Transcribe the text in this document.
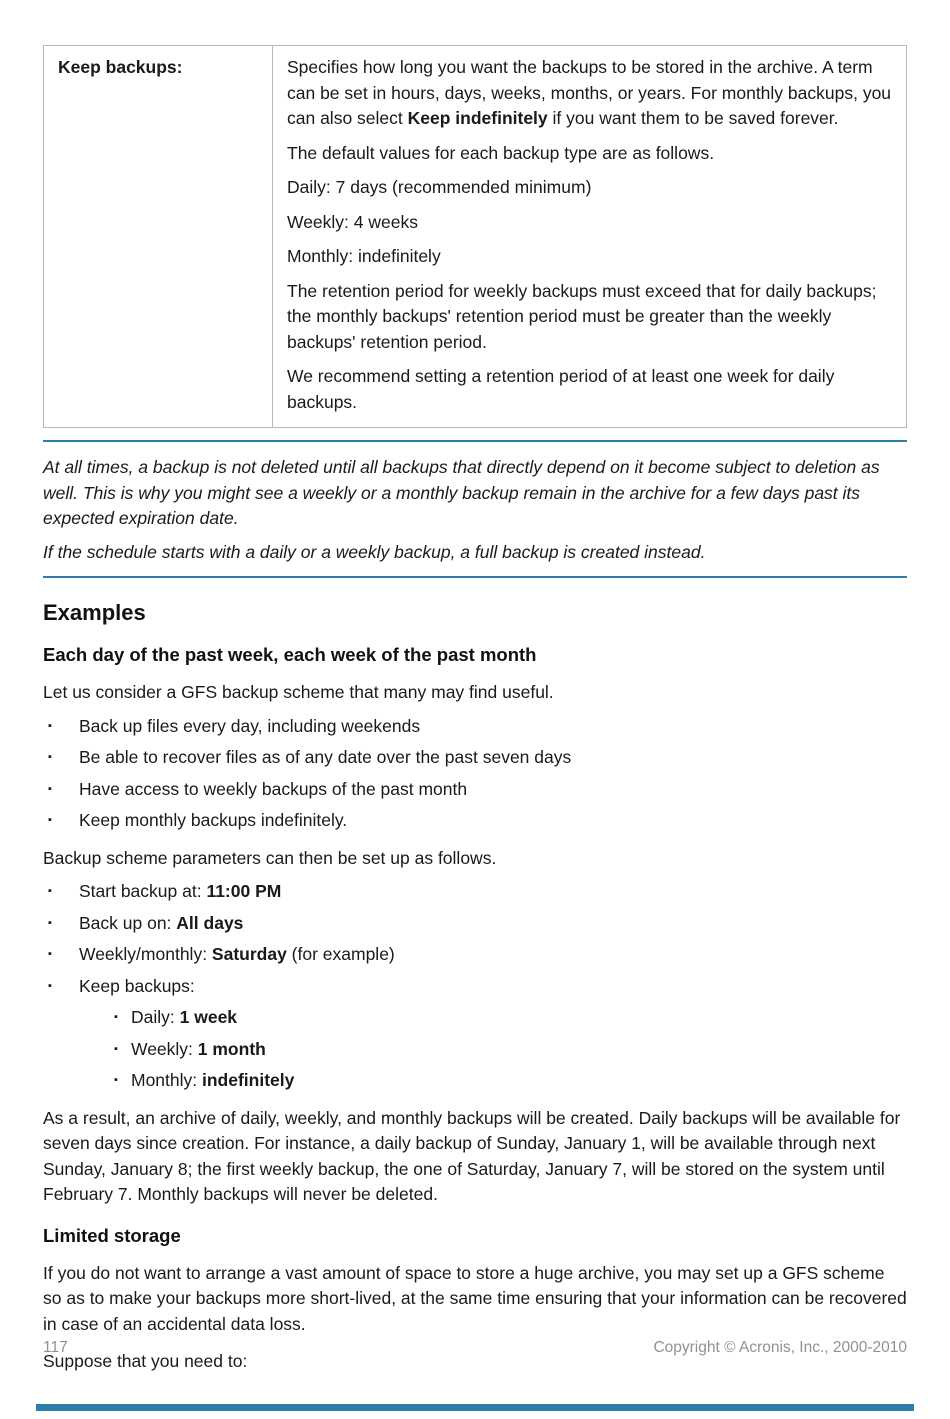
Keep backups:	Specifies how long you want the backups to be stored in the archive. A term can be set in hours, days, weeks, months, or years. For monthly backups, you can also select Keep indefinitely if you want them to be saved forever.

The default values for each backup type are as follows.

Daily: 7 days (recommended minimum)

Weekly: 4 weeks

Monthly: indefinitely

The retention period for weekly backups must exceed that for daily backups; the monthly backups' retention period must be greater than the weekly backups' retention period.

We recommend setting a retention period of at least one week for daily backups.

At all times, a backup is not deleted until all backups that directly depend on it become subject to deletion as well. This is why you might see a weekly or a monthly backup remain in the archive for a few days past its expected expiration date.

If the schedule starts with a daily or a weekly backup, a full backup is created instead.

Examples
Each day of the past week, each week of the past month

Let us consider a GFS backup scheme that many may find useful.

▪	Back up files every day, including weekends
▪	Be able to recover files as of any date over the past seven days
▪	Have access to weekly backups of the past month
▪	Keep monthly backups indefinitely.

Backup scheme parameters can then be set up as follows.

▪	Start backup at: 11:00 PM
▪	Back up on: All days
▪	Weekly/monthly: Saturday (for example)
▪	Keep backups:
▪ Daily: 1 week
▪ Weekly: 1 month
▪ Monthly: indefinitely

As a result, an archive of daily, weekly, and monthly backups will be created. Daily backups will be available for seven days since creation. For instance, a daily backup of Sunday, January 1, will be available through next Sunday, January 8; the first weekly backup, the one of Saturday, January 7, will be stored on the system until February 7. Monthly backups will never be deleted.

Limited storage

If you do not want to arrange a vast amount of space to store a huge archive, you may set up a GFS scheme so as to make your backups more short-lived, at the same time ensuring that your information can be recovered in case of an accidental data loss.

Suppose that you need to:

117	Copyright © Acronis, Inc., 2000-2010
